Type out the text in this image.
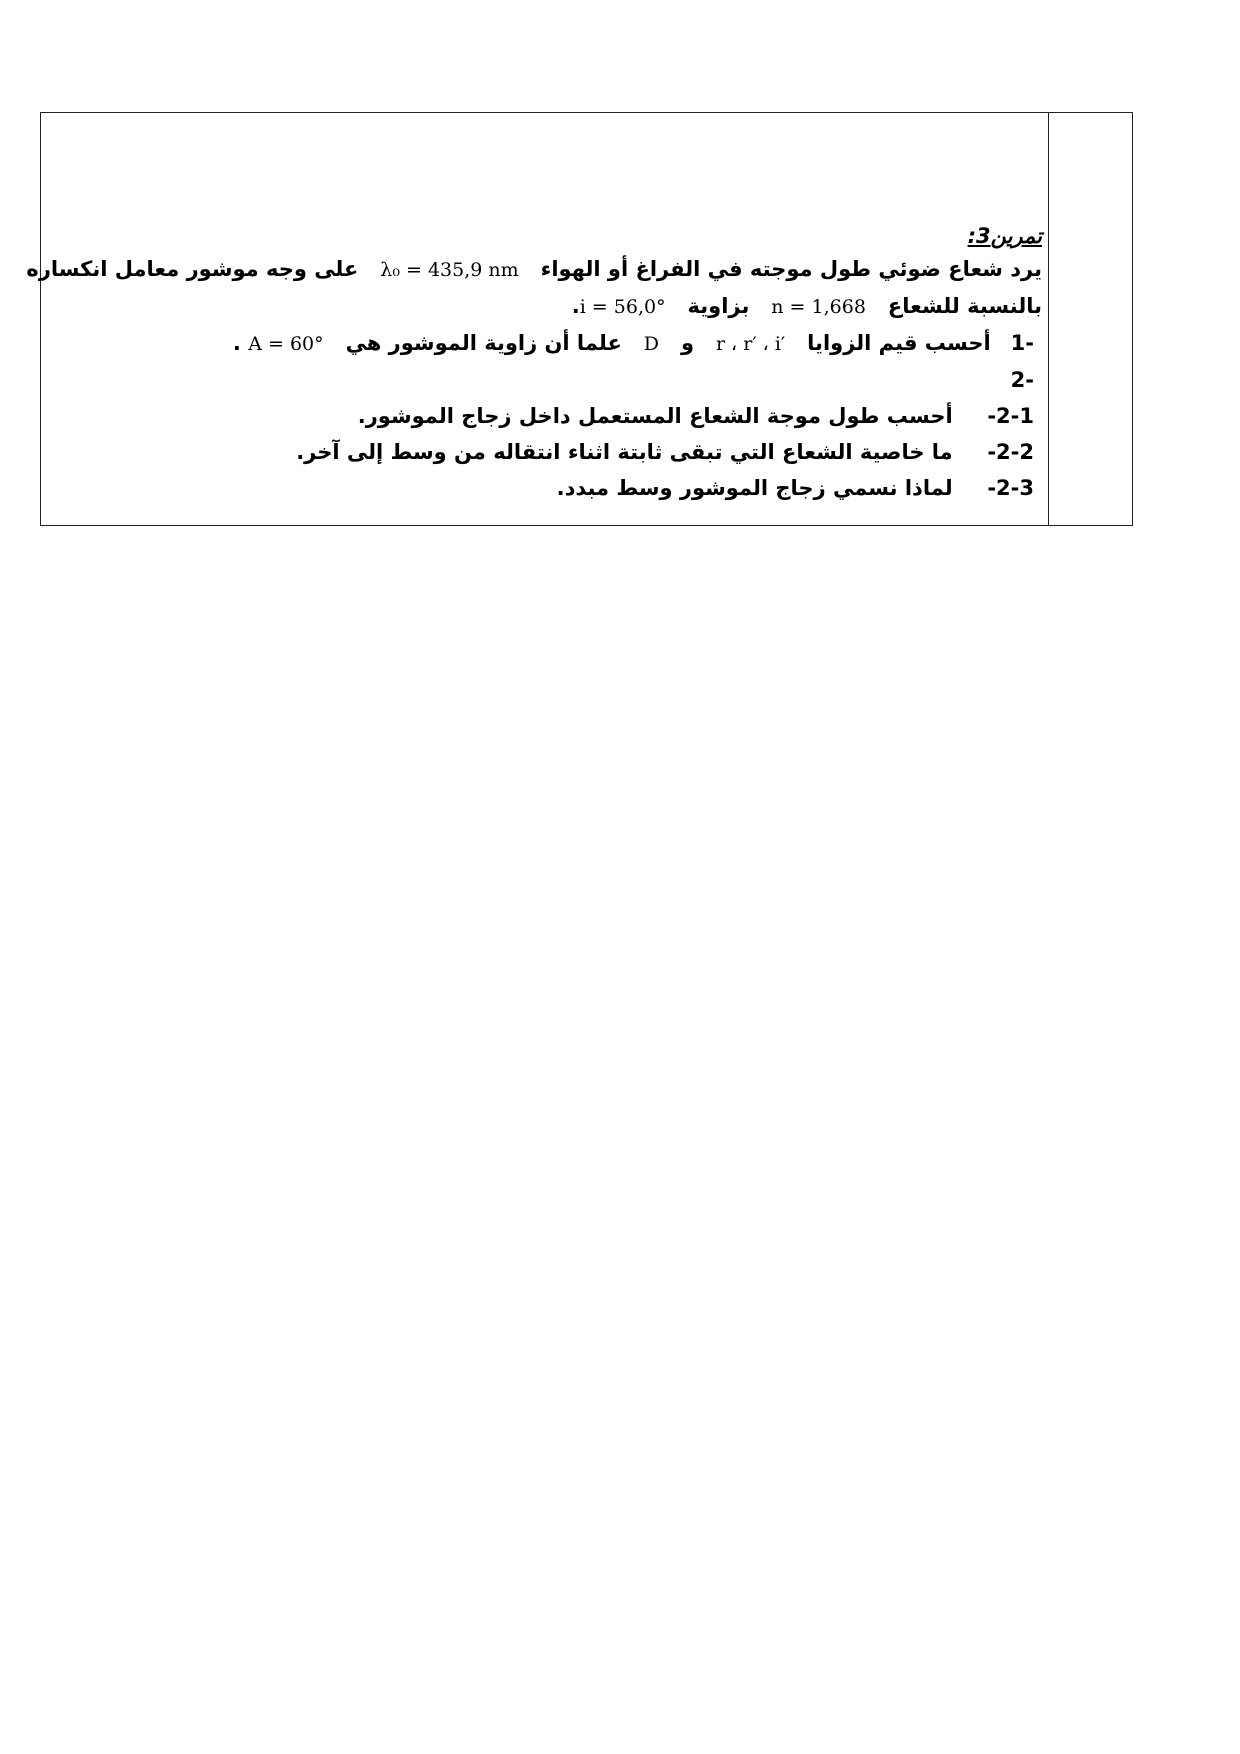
تمرين3:
يرد شعاع ضوئي طول موجته في الفراغ أو الهواء   λ₀ = 435,9 nm   على وجه موشور معامل انكساره
بالنسبة للشعاع   n = 1,668   بزاوية   i = 56,0°.
-1 أحسب قيم الزوايا   r ، r′ ، i′   و   D   علما أن زاوية الموشور هي   A = 60° .
-2
2-1- أحسب طول موجة الشعاع المستعمل داخل زجاج الموشور.
2-2- ما خاصية الشعاع التي تبقى ثابتة اثناء انتقاله من وسط إلى آخر.
2-3- لماذا نسمي زجاج الموشور وسط مبدد.
